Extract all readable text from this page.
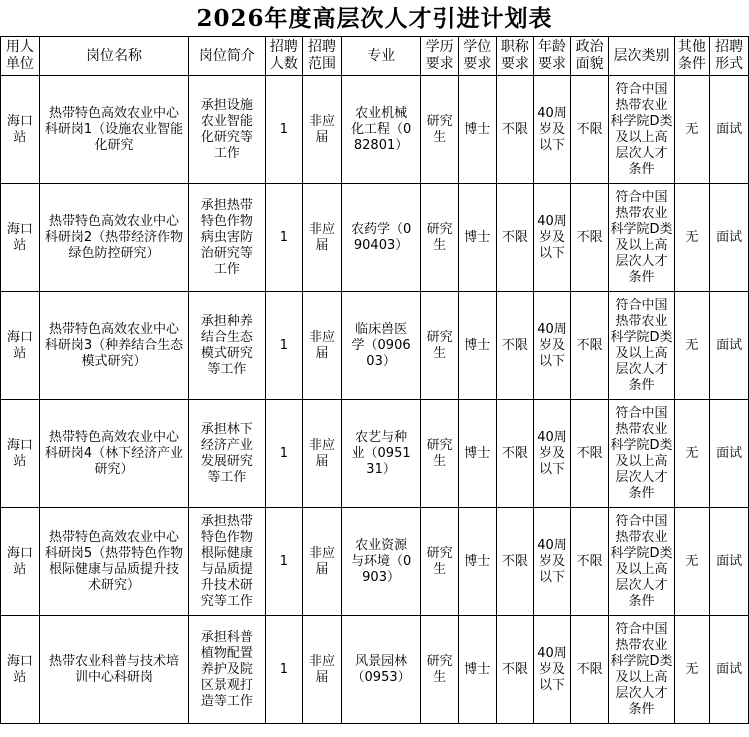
2026年度高层次人才引进计划表
用人单位	岗位名称	岗位简介	招聘人数	招聘范围	专业	学历要求	学位要求	职称要求	年龄要求	政治面貌	层次类别	其他条件	招聘形式
海口站	热带特色高效农业中心科研岗1（设施农业智能化研究	承担设施农业智能化研究等工作	1	非应届	农业机械化工程（082801）	研究生	博士	不限	40周岁及以下	不限	符合中国热带农业科学院D类及以上高层次人才条件	无	面试
海口站	热带特色高效农业中心科研岗2（热带经济作物绿色防控研究）	承担热带特色作物病虫害防治研究等工作	1	非应届	农药学（090403）	研究生	博士	不限	40周岁及以下	不限	符合中国热带农业科学院D类及以上高层次人才条件	无	面试
海口站	热带特色高效农业中心科研岗3（种养结合生态模式研究）	承担种养结合生态模式研究等工作	1	非应届	临床兽医学（090603）	研究生	博士	不限	40周岁及以下	不限	符合中国热带农业科学院D类及以上高层次人才条件	无	面试
海口站	热带特色高效农业中心科研岗4（林下经济产业研究）	承担林下经济产业发展研究等工作	1	非应届	农艺与种业（095131）	研究生	博士	不限	40周岁及以下	不限	符合中国热带农业科学院D类及以上高层次人才条件	无	面试
海口站	热带特色高效农业中心科研岗5（热带特色作物根际健康与品质提升技术研究）	承担热带特色作物根际健康与品质提升技术研究等工作	1	非应届	农业资源与环境（0903）	研究生	博士	不限	40周岁及以下	不限	符合中国热带农业科学院D类及以上高层次人才条件	无	面试
海口站	热带农业科普与技术培训中心科研岗	承担科普植物配置养护及院区景观打造等工作	1	非应届	风景园林（0953）	研究生	博士	不限	40周岁及以下	不限	符合中国热带农业科学院D类及以上高层次人才条件	无	面试
